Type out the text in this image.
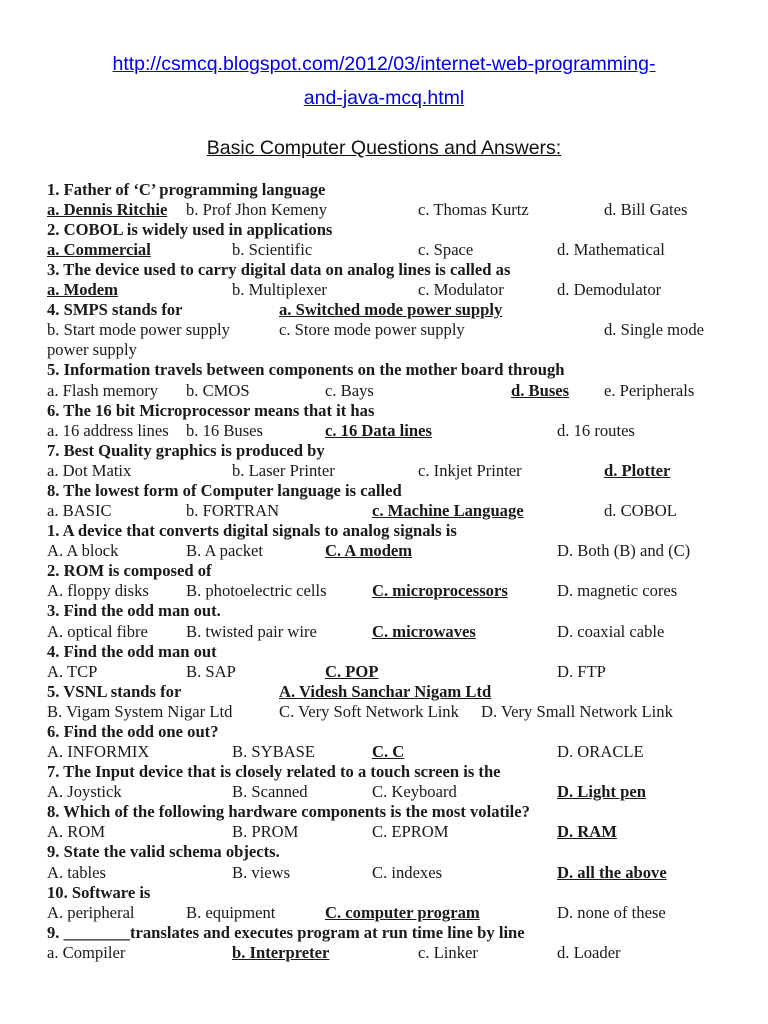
http://csmcq.blogspot.com/2012/03/internet-web-programming-
and-java-mcq.html
Basic Computer Questions and Answers:
1. Father of ‘C’ programming language
a. Dennis Ritchie b. Prof Jhon Kemeny	c. Thomas Kurtz	d. Bill Gates
2. COBOL is widely used in applications
a. Commercial	b. Scientific	c. Space	d. Mathematical
3. The device used to carry digital data on analog lines is called as
a. Modem	b. Multiplexer	c. Modulator	d. Demodulator
4. SMPS stands for	a. Switched mode power supply
b. Start mode power supply	c. Store mode power supply	d. Single mode
power supply
5. Information travels between components on the mother board through
a. Flash memory b. CMOS	c. Bays	d. Buses e. Peripherals
6. The 16 bit Microprocessor means that it has
a. 16 address lines b. 16 Buses	c. 16 Data lines	d. 16 routes
7. Best Quality graphics is produced by
a. Dot Matix	b. Laser Printer	c. Inkjet Printer	d. Plotter
8. The lowest form of Computer language is called
a. BASIC	b. FORTRAN	c. Machine Language	d. COBOL
1. A device that converts digital signals to analog signals is
A. A block	B. A packet	C. A modem	D. Both (B) and (C)
2. ROM is composed of
A. floppy disks B. photoelectric cells	C. microprocessors	D. magnetic cores
3. Find the odd man out.
A. optical fibre B. twisted pair wire	C. microwaves	D. coaxial cable
4. Find the odd man out
A. TCP	B. SAP	C. POP	D. FTP
5. VSNL stands for	A. Videsh Sanchar Nigam Ltd
B. Vigam System Nigar Ltd	C. Very Soft Network Link D. Very Small Network Link
6. Find the odd one out?
A. INFORMIX	B. SYBASE	C. C	D. ORACLE
7. The Input device that is closely related to a touch screen is the
A. Joystick	B. Scanned	C. Keyboard	D. Light pen
8. Which of the following hardware components is the most volatile?
A. ROM	B. PROM	C. EPROM	D. RAM
9. State the valid schema objects.
A. tables	B. views	C. indexes	D. all the above
10. Software is
A. peripheral	B. equipment	C. computer program	D. none of these
9. ________translates and executes program at run time line by line
a. Compiler	b. Interpreter	c. Linker	d. Loader
